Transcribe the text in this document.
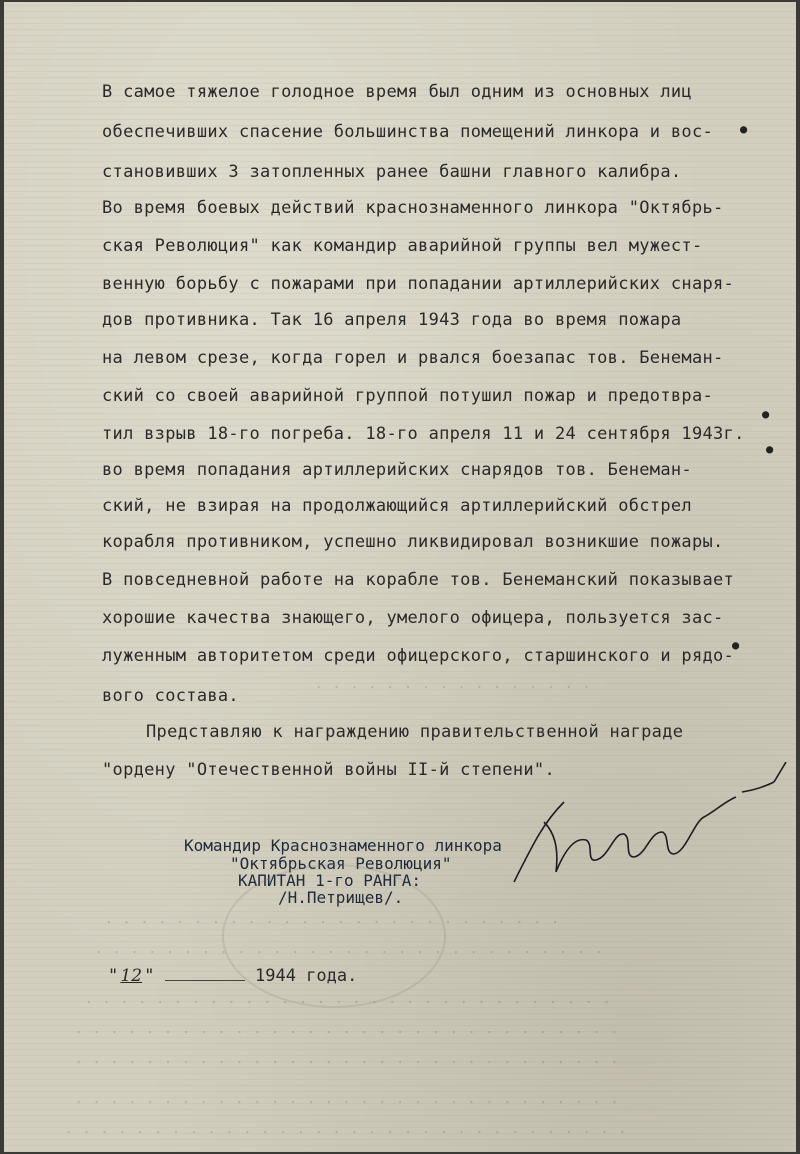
. . . . . . . . . . . . . . . .
. . . . . . . . . . . . . . . . . . . . . . . . . .
. . . . . . . . . . . . . . . . . . . . . . . . . . . . .
. . . . . . . . . . . . . . . . . . . . . . . . . . . . . .
. . . . . . . . . . . . . . . . . . . . . . . . . . . . . . .
. . . . . . . . . . . . . . . . . . . . . . . . . . . . . . .
. . . . . . . . . . . . . . . . . . . . . . . . . . . . . . .
. . . . . . . . . . . . . . . . . . . . . . . . . . . . . . . .
В самое тяжелое голодное время был одним из основных лиц
обеспечивших спасение большинства помещений линкора и вос-
становивших 3 затопленных ранее башни главного калибра.
Во время боевых действий краснознаменного линкора "Октябрь-
ская Революция" как командир аварийной группы вел мужест-
венную борьбу с пожарами при попадании артиллерийских снаря-
дов противника. Так 16 апреля 1943 года во время пожара
на левом срезе, когда горел и рвался боезапас тов. Бенеман-
ский со своей аварийной группой потушил пожар и предотвра-
тил взрыв 18-го погреба. 18-го апреля 11 и 24 сентября 1943г.
во время попадания артиллерийских снарядов тов. Бенеман-
ский, не взирая на продолжающийся артиллерийский обстрел
корабля противником, успешно ликвидировал возникшие пожары.
В повседневной работе на корабле тов. Бенеманский показывает
хорошие качества знающего, умелого офицера, пользуется зас-
луженным авторитетом среди офицерского, старшинского и рядо-
вого состава.
Представляю к награждению правительственной награде
"ордену "Отечественной войны II-й степени".
Командир Краснознаменного линкора
"Октябрьская Революция"
КАПИТАН 1-го РАНГА:
/Н.Петрищев/.
" 12 "	1944 года.
●
●
●
●
